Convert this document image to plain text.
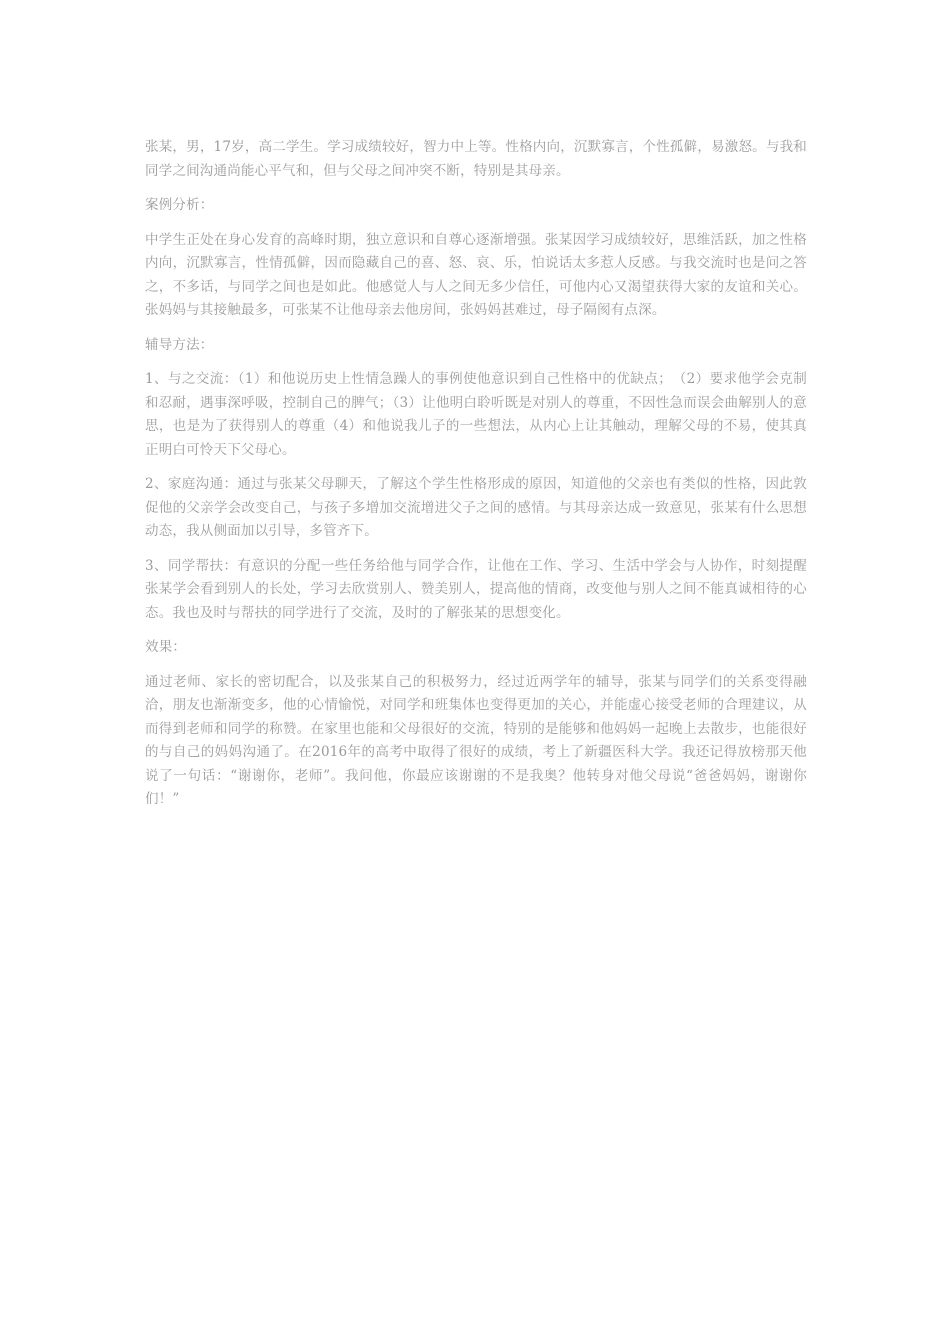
张某，男，17岁，高二学生。学习成绩较好，智力中上等。性格内向，沉默寡言，个性孤僻，易激怒。与我和同学之间沟通尚能心平气和，但与父母之间冲突不断，特别是其母亲。

案例分析：

中学生正处在身心发育的高峰时期，独立意识和自尊心逐渐增强。张某因学习成绩较好，思维活跃，加之性格内向，沉默寡言，性情孤僻，因而隐藏自己的喜、怒、哀、乐，怕说话太多惹人反感。与我交流时也是问之答之，不多话，与同学之间也是如此。他感觉人与人之间无多少信任，可他内心又渴望获得大家的友谊和关心。张妈妈与其接触最多，可张某不让他母亲去他房间，张妈妈甚难过，母子隔阂有点深。

辅导方法：

1、与之交流：（1）和他说历史上性情急躁人的事例使他意识到自己性格中的优缺点；　（2）要求他学会克制和忍耐，遇事深呼吸，控制自己的脾气；（3）让他明白聆听既是对别人的尊重，不因性急而误会曲解别人的意思，也是为了获得别人的尊重（4）和他说我儿子的一些想法，从内心上让其触动，理解父母的不易，使其真正明白可怜天下父母心。

2、家庭沟通：通过与张某父母聊天，了解这个学生性格形成的原因，知道他的父亲也有类似的性格，因此敦促他的父亲学会改变自己，与孩子多增加交流增进父子之间的感情。与其母亲达成一致意见，张某有什么思想动态，我从侧面加以引导，多管齐下。

3、同学帮扶：有意识的分配一些任务给他与同学合作，让他在工作、学习、生活中学会与人协作，时刻提醒张某学会看到别人的长处，学习去欣赏别人、赞美别人，提高他的情商，改变他与别人之间不能真诚相待的心态。我也及时与帮扶的同学进行了交流，及时的了解张某的思想变化。

效果：

通过老师、家长的密切配合，以及张某自己的积极努力，经过近两学年的辅导，张某与同学们的关系变得融洽，朋友也渐渐变多，他的心情愉悦，对同学和班集体也变得更加的关心，并能虚心接受老师的合理建议，从而得到老师和同学的称赞。在家里也能和父母很好的交流，特别的是能够和他妈妈一起晚上去散步，也能很好的与自己的妈妈沟通了。在2016年的高考中取得了很好的成绩，考上了新疆医科大学。我还记得放榜那天他说了一句话：“谢谢你，老师”。我问他，你最应该谢谢的不是我奥？他转身对他父母说“爸爸妈妈，谢谢你们！”
